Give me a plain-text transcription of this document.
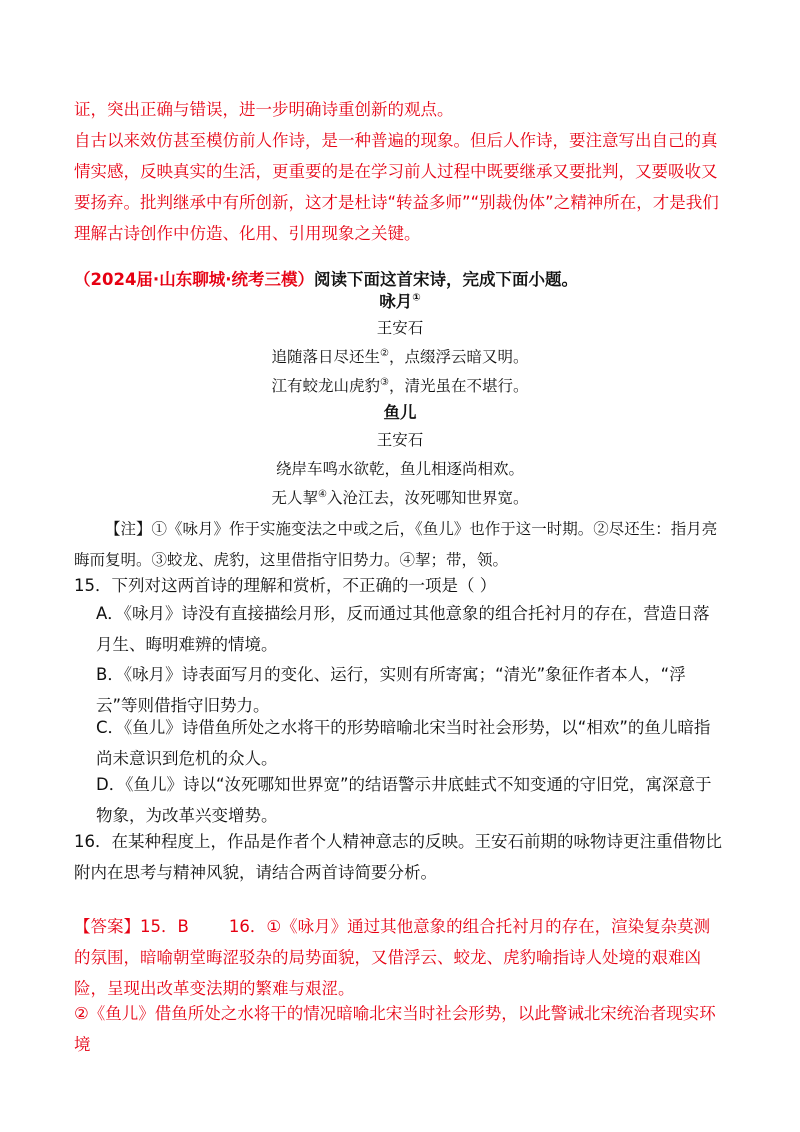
证，突出正确与错误，进一步明确诗重创新的观点。

自古以来效仿甚至模仿前人作诗，是一种普遍的现象。但后人作诗，要注意写出自己的真情实感，反映真实的生活，更重要的是在学习前人过程中既要继承又要批判，又要吸收又要扬弃。批判继承中有所创新，这才是杜诗“转益多师”“别裁伪体”之精神所在，才是我们理解古诗创作中仿造、化用、引用现象之关键。

（2024届·山东聊城·统考三模）阅读下面这首宋诗，完成下面小题。

咏月①

王安石

追随落日尽还生②，点缀浮云暗又明。

江有蛟龙山虎豹③，清光虽在不堪行。

鱼儿

王安石

绕岸车鸣水欲乾，鱼儿相逐尚相欢。

无人挈④入沧江去，汝死哪知世界宽。

【注】①《咏月》作于实施变法之中或之后，《鱼儿》也作于这一时期。②尽还生：指月亮晦而复明。③蛟龙、虎豹，这里借指守旧势力。④挈；带，领。

15．下列对这两首诗的理解和赏析，不正确的一项是（ ）

A．《咏月》诗没有直接描绘月形，反而通过其他意象的组合托衬月的存在，营造日落月生、晦明难辨的情境。

B．《咏月》诗表面写月的变化、运行，实则有所寄寓；“清光”象征作者本人，“浮云”等则借指守旧势力。

C．《鱼儿》诗借鱼所处之水将干的形势暗喻北宋当时社会形势，以“相欢”的鱼儿暗指尚未意识到危机的众人。

D．《鱼儿》诗以“汝死哪知世界宽”的结语警示井底蛙式不知变通的守旧党，寓深意于物象，为改革兴变增势。

16．在某种程度上，作品是作者个人精神意志的反映。王安石前期的咏物诗更注重借物比附内在思考与精神风貌，请结合两首诗简要分析。

【答案】15．B 16．①《咏月》通过其他意象的组合托衬月的存在，渲染复杂莫测的氛围，暗喻朝堂晦涩驳杂的局势面貌，又借浮云、蛟龙、虎豹喻指诗人处境的艰难凶险，呈现出改革变法期的繁难与艰涩。

②《鱼儿》借鱼所处之水将干的情况暗喻北宋当时社会形势，以此警诫北宋统治者现实环境
